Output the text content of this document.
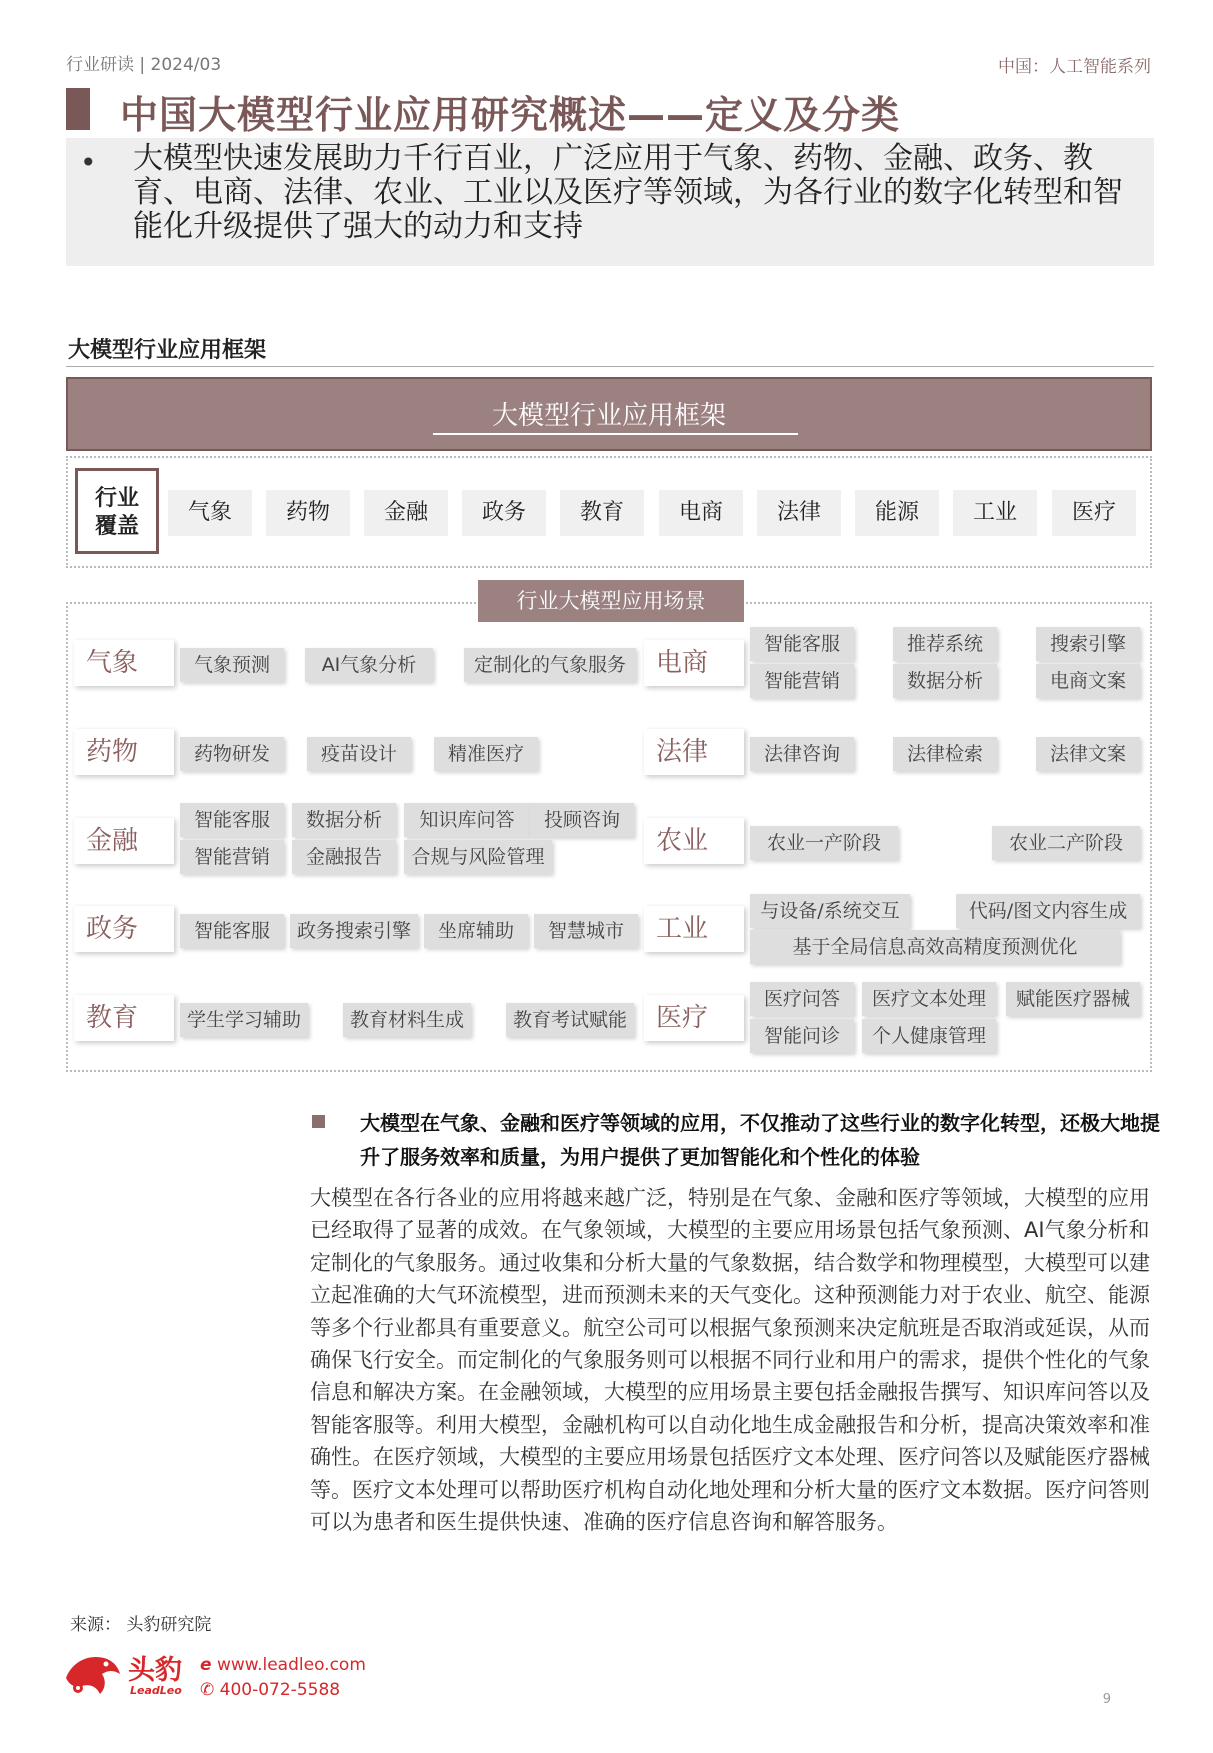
行业研读 | 2024/03	中国：人工智能系列
中国大模型行业应用研究概述——定义及分类
• 大模型快速发展助力千行百业，广泛应用于气象、药物、金融、政务、教育、电商、法律、农业、工业以及医疗等领域，为各行业的数字化转型和智能化升级提供了强大的动力和支持
大模型行业应用框架
大模型行业应用框架
行业
覆盖
气象	药物	金融	政务	教育	电商	法律	能源	工业	医疗
行业大模型应用场景
气象	气象预测	AI气象分析	定制化的气象服务
药物	药物研发	疫苗设计	精准医疗
金融
智能客服	数据分析	知识库问答	投顾咨询
智能营销	金融报告	合规与风险管理
政务	智能客服	政务搜索引擎	坐席辅助	智慧城市
教育	学生学习辅助	教育材料生成	教育考试赋能
电商
智能客服	推荐系统	搜索引擎
智能营销	数据分析	电商文案
法律	法律咨询	法律检索	法律文案
农业	农业一产阶段	农业二产阶段
工业
与设备/系统交互	代码/图文内容生成
基于全局信息高效高精度预测优化
医疗
医疗问答	医疗文本处理	赋能医疗器械
智能问诊	个人健康管理
大模型在气象、金融和医疗等领域的应用，不仅推动了这些行业的数字化转型，还极大地提升了服务效率和质量，为用户提供了更加智能化和个性化的体验
大模型在各行各业的应用将越来越广泛，特别是在气象、金融和医疗等领域，大模型的应用已经取得了显著的成效。在气象领域，大模型的主要应用场景包括气象预测、AI气象分析和定制化的气象服务。通过收集和分析大量的气象数据，结合数学和物理模型，大模型可以建立起准确的大气环流模型，进而预测未来的天气变化。这种预测能力对于农业、航空、能源等多个行业都具有重要意义。航空公司可以根据气象预测来决定航班是否取消或延误，从而确保飞行安全。而定制化的气象服务则可以根据不同行业和用户的需求，提供个性化的气象信息和解决方案。在金融领域，大模型的应用场景主要包括金融报告撰写、知识库问答以及智能客服等。利用大模型，金融机构可以自动化地生成金融报告和分析，提高决策效率和准确性。在医疗领域，大模型的主要应用场景包括医疗文本处理、医疗问答以及赋能医疗器械等。医疗文本处理可以帮助医疗机构自动化地处理和分析大量的医疗文本数据。医疗问答则可以为患者和医生提供快速、准确的医疗信息咨询和解答服务。
来源： 头豹研究院
头豹
LeadLeo
e www.leadleo.com
✆ 400-072-5588	9
